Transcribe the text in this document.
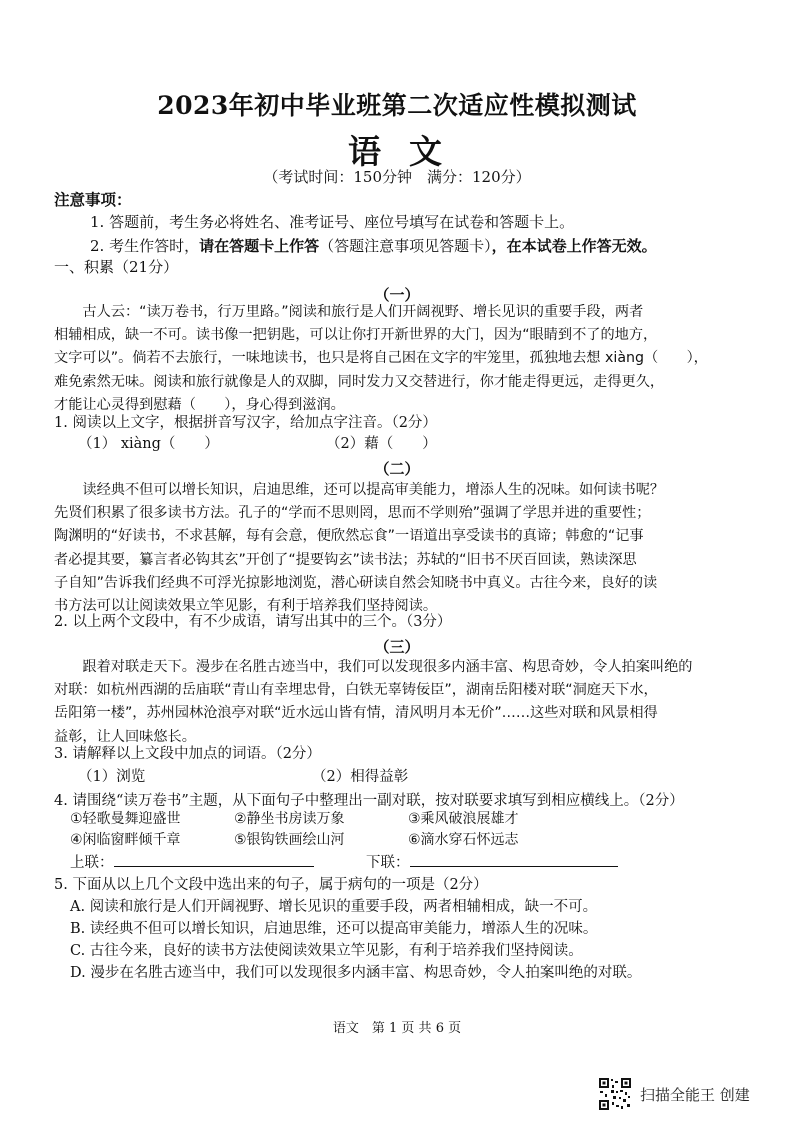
2023年初中毕业班第二次适应性模拟测试
语文
（考试时间：150分钟　满分：120分）
注意事项：
1. 答题前，考生务必将姓名、准考证号、座位号填写在试卷和答题卡上。
2. 考生作答时，请在答题卡上作答（答题注意事项见答题卡），在本试卷上作答无效。
一、积累（21分）
（一）
　　古人云：“读万卷书，行万里路。”阅读和旅行是人们开阔视野、增长见识的重要手段，两者
相辅相成，缺一不可。读书像一把钥匙，可以让你打开新世界的大门，因为“眼睛到不了的地方，
文字可以”。倘若不去旅行，一味地读书，也只是将自己困在文字的牢笼里，孤独地去想 xiàng（　　），
难免索然无味。阅读和旅行就像是人的双脚，同时发力又交替进行，你才能走得更远，走得更久，
才能让心灵得到慰藉（　　），身心得到滋润。
1. 阅读以上文字，根据拼音写汉字，给加点字注音。（2分）
（1） xiàng（　　）	（2）藉（　　）
（二）
　　读经典不但可以增长知识，启迪思维，还可以提高审美能力，增添人生的况味。如何读书呢？
先贤们积累了很多读书方法。孔子的“学而不思则罔，思而不学则殆”强调了学思并进的重要性；
陶渊明的“好读书，不求甚解，每有会意，便欣然忘食”一语道出享受读书的真谛；韩愈的“记事
者必提其要，纂言者必钩其玄”开创了“提要钩玄”读书法；苏轼的“旧书不厌百回读，熟读深思
子自知”告诉我们经典不可浮光掠影地浏览，潜心研读自然会知晓书中真义。古往今来，良好的读
书方法可以让阅读效果立竿见影，有利于培养我们坚持阅读。
2. 以上两个文段中，有不少成语，请写出其中的三个。（3分）
（三）
　　跟着对联走天下。漫步在名胜古迹当中，我们可以发现很多内涵丰富、构思奇妙，令人拍案叫绝的
对联：如杭州西湖的岳庙联“青山有幸埋忠骨，白铁无辜铸佞臣”，湖南岳阳楼对联“洞庭天下水，
岳阳第一楼”，苏州园林沧浪亭对联“近水远山皆有情，清风明月本无价”……这些对联和风景相得
益彰，让人回味悠长。
3. 请解释以上文段中加点的词语。（2分）
（1）浏览	（2）相得益彰
4. 请围绕“读万卷书”主题，从下面句子中整理出一副对联，按对联要求填写到相应横线上。（2分）
①轻歌曼舞迎盛世	②静坐书房读万象	③乘风破浪展雄才
④闲临窗畔倾千章	⑤银钩铁画绘山河	⑥滴水穿石怀远志
上联：	下联：
5. 下面从以上几个文段中选出来的句子，属于病句的一项是（2分）
A. 阅读和旅行是人们开阔视野、增长见识的重要手段，两者相辅相成，缺一不可。
B. 读经典不但可以增长知识，启迪思维，还可以提高审美能力，增添人生的况味。
C. 古往今来，良好的读书方法使阅读效果立竿见影，有利于培养我们坚持阅读。
D. 漫步在名胜古迹当中，我们可以发现很多内涵丰富、构思奇妙，令人拍案叫绝的对联。
语文　第 1 页 共 6 页
扫描全能王 创建
